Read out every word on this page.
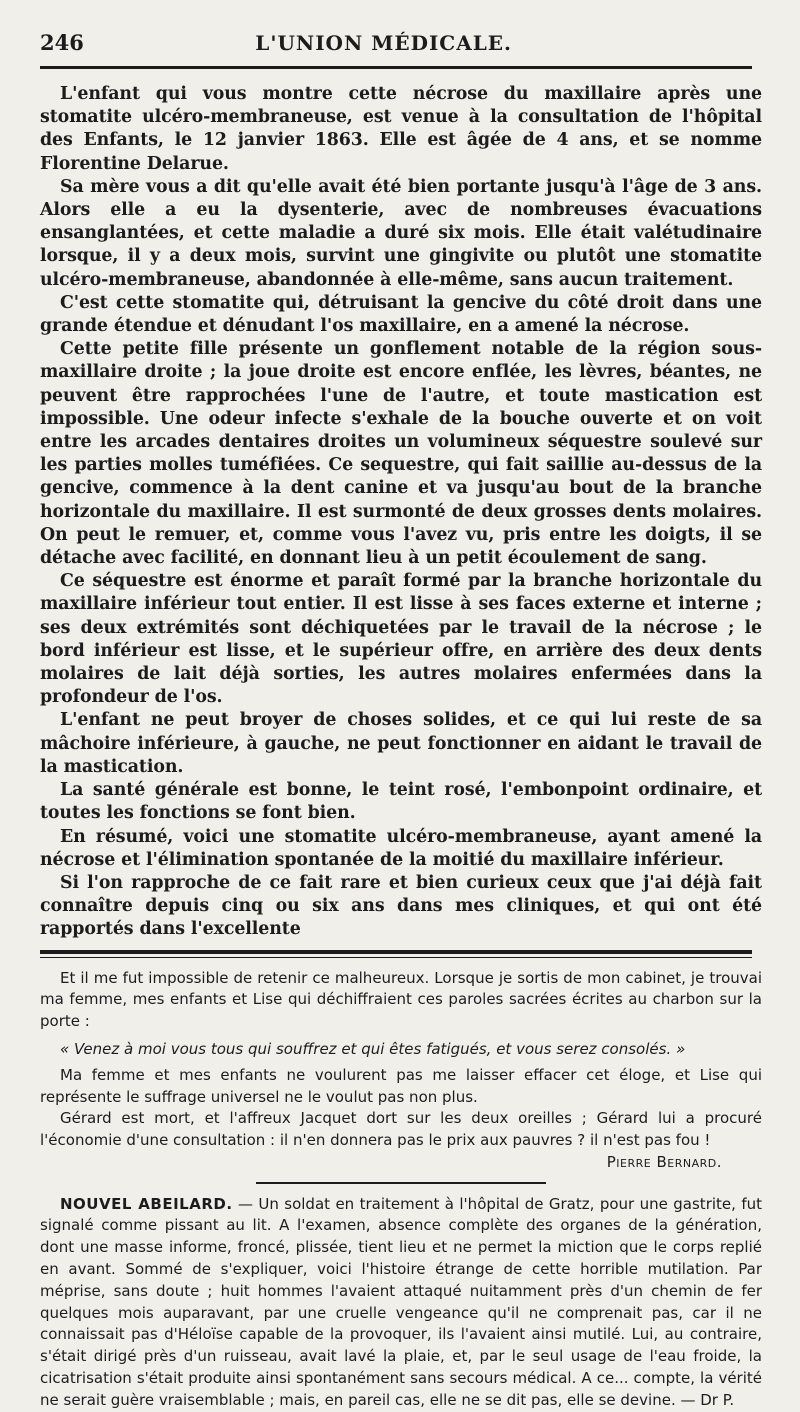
246	L'UNION MÉDICALE.

L'enfant qui vous montre cette nécrose du maxillaire après une stomatite ulcéro-membraneuse, est venue à la consultation de l'hôpital des Enfants, le 12 janvier 1863. Elle est âgée de 4 ans, et se nomme Florentine Delarue.

Sa mère vous a dit qu'elle avait été bien portante jusqu'à l'âge de 3 ans. Alors elle a eu la dysenterie, avec de nombreuses évacuations ensanglantées, et cette maladie a duré six mois. Elle était valétudinaire lorsque, il y a deux mois, survint une gingivite ou plutôt une stomatite ulcéro-membraneuse, abandonnée à elle-même, sans aucun traitement.

C'est cette stomatite qui, détruisant la gencive du côté droit dans une grande étendue et dénudant l'os maxillaire, en a amené la nécrose.

Cette petite fille présente un gonflement notable de la région sous-maxillaire droite ; la joue droite est encore enflée, les lèvres, béantes, ne peuvent être rapprochées l'une de l'autre, et toute mastication est impossible. Une odeur infecte s'exhale de la bouche ouverte et on voit entre les arcades dentaires droites un volumineux séquestre soulevé sur les parties molles tuméfiées. Ce sequestre, qui fait saillie au-dessus de la gencive, commence à la dent canine et va jusqu'au bout de la branche horizontale du maxillaire. Il est surmonté de deux grosses dents molaires. On peut le remuer, et, comme vous l'avez vu, pris entre les doigts, il se détache avec facilité, en donnant lieu à un petit écoulement de sang.

Ce séquestre est énorme et paraît formé par la branche horizontale du maxillaire inférieur tout entier. Il est lisse à ses faces externe et interne ; ses deux extrémités sont déchiquetées par le travail de la nécrose ; le bord inférieur est lisse, et le supérieur offre, en arrière des deux dents molaires de lait déjà sorties, les autres molaires enfermées dans la profondeur de l'os.

L'enfant ne peut broyer de choses solides, et ce qui lui reste de sa mâchoire inférieure, à gauche, ne peut fonctionner en aidant le travail de la mastication.

La santé générale est bonne, le teint rosé, l'embonpoint ordinaire, et toutes les fonctions se font bien.

En résumé, voici une stomatite ulcéro-membraneuse, ayant amené la nécrose et l'élimination spontanée de la moitié du maxillaire inférieur.

Si l'on rapproche de ce fait rare et bien curieux ceux que j'ai déjà fait connaître depuis cinq ou six ans dans mes cliniques, et qui ont été rapportés dans l'excellente

Et il me fut impossible de retenir ce malheureux. Lorsque je sortis de mon cabinet, je trouvai ma femme, mes enfants et Lise qui déchiffraient ces paroles sacrées écrites au charbon sur la porte :

« Venez à moi vous tous qui souffrez et qui êtes fatigués, et vous serez consolés. »

Ma femme et mes enfants ne voulurent pas me laisser effacer cet éloge, et Lise qui représente le suffrage universel ne le voulut pas non plus.

Gérard est mort, et l'affreux Jacquet dort sur les deux oreilles ; Gérard lui a procuré l'économie d'une consultation : il n'en donnera pas le prix aux pauvres ? il n'est pas fou !

Pierre Bernard.

NOUVEL ABEILARD. — Un soldat en traitement à l'hôpital de Gratz, pour une gastrite, fut signalé comme pissant au lit. A l'examen, absence complète des organes de la génération, dont une masse informe, froncé, plissée, tient lieu et ne permet la miction que le corps replié en avant. Sommé de s'expliquer, voici l'histoire étrange de cette horrible mutilation. Par méprise, sans doute ; huit hommes l'avaient attaqué nuitamment près d'un chemin de fer quelques mois auparavant, par une cruelle vengeance qu'il ne comprenait pas, car il ne connaissait pas d'Héloïse capable de la provoquer, ils l'avaient ainsi mutilé. Lui, au contraire, s'était dirigé près d'un ruisseau, avait lavé la plaie, et, par le seul usage de l'eau froide, la cicatrisation s'était produite ainsi spontanément sans secours médical. A ce... compte, la vérité ne serait guère vraisemblable ; mais, en pareil cas, elle ne se dit pas, elle se devine. — Dr P.
